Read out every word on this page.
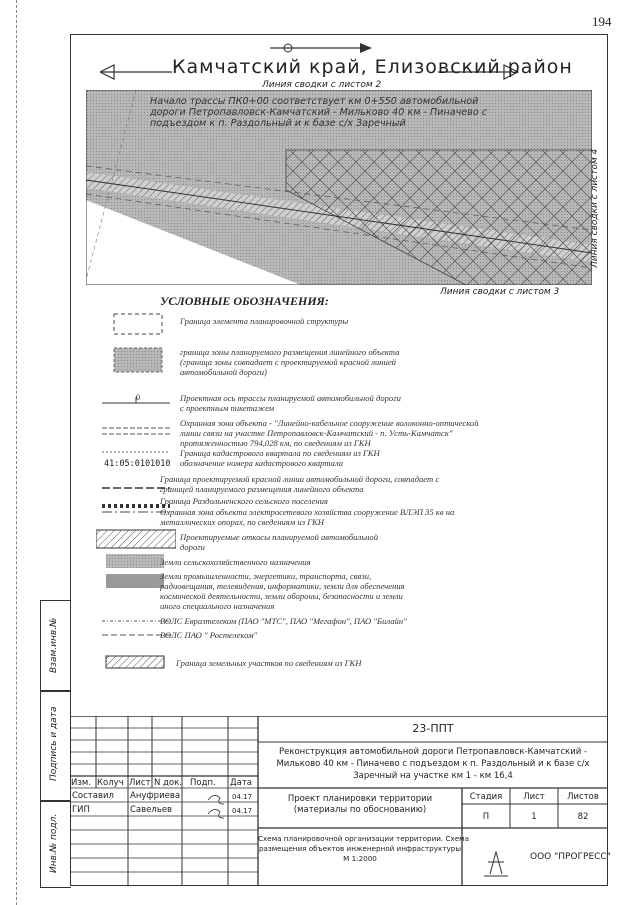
194
Взам.инв.№
Подпись и дата
Инв.№ подл.
Камчатский край, Елизовский район
Линия сводки с листом 2
Начало трассы ПК0+00 соответствует км 0+550 автомобильной дороги Петропавловск-Камчатский - Мильково 40 км - Пиначево с подъездом к п. Раздольный и к базе с/х Заречный
Линия сводки с листом 4
Линия сводки с листом 3
УСЛОВНЫЕ ОБОЗНАЧЕНИЯ:
0
41:05:0101010
Граница элемента планировочной структуры
граница зоны планируемого размещения линейного объекта
(граница зоны совпадает с проектируемой красной линией
автомобильной дороги)
Проектная ось трассы планируемой автомобильной дороги
с проектным пикетажем
Охранная зона объекта - "Линейно-кабельное сооружение волоконно-оптической
линии связи на участке Петропавловск-Камчатский - п. Усть-Камчатск"
протяженностью 794,028 км, по сведениям из ГКН
Граница кадастрового квартала по сведениям из ГКН
обозначение номера кадастрового квартала
Граница проектируемой красной линии автомобильной дороги, совпадает с
границей планируемого размещения линейного объекта
Граница Раздольненского сельского поселения
Охранная зона объекта электросетевого хозяйства сооружение ВЛЭП 35 кв на
металлических опорах, по сведениям из ГКН
Проектируемые откосы планируемой автомобильной
дороги
Земли сельскохозяйственного назначения
Земли промышленности, энергетики, транспорта, связи,
радиовещания, телевидения, информатики, земли для обеспечения
космической деятельности, земли обороны, безопасности и земли
иного специального назначения
ВОЛС Евразтелеком (ПАО "МТС", ПАО "Мегафон", ПАО "Билайн"
ВОЛС ПАО " Ростелеком"
Граница земельных участков по сведениям из ГКН
23-ППТ
Реконструкция автомобильной дороги Петропавловск-Камчатский -
Мильково 40 км - Пиначево с подъездом к п. Раздольный и к базе с/х
Заречный на участке км 1 - км 16,4
Изм. Колуч Лист N док. Подп. Дата
Составил Ануфриева	04.17
ГИП	Савельев	04.17
Проект планировки территории
(материалы по обоснованию)
Стадия	Лист	Листов
П	1	82
Схема планировочной организации территории. Схема
размещения объектов инженерной инфраструктуры
М 1:2000	ООО "ПРОГРЕСС"
